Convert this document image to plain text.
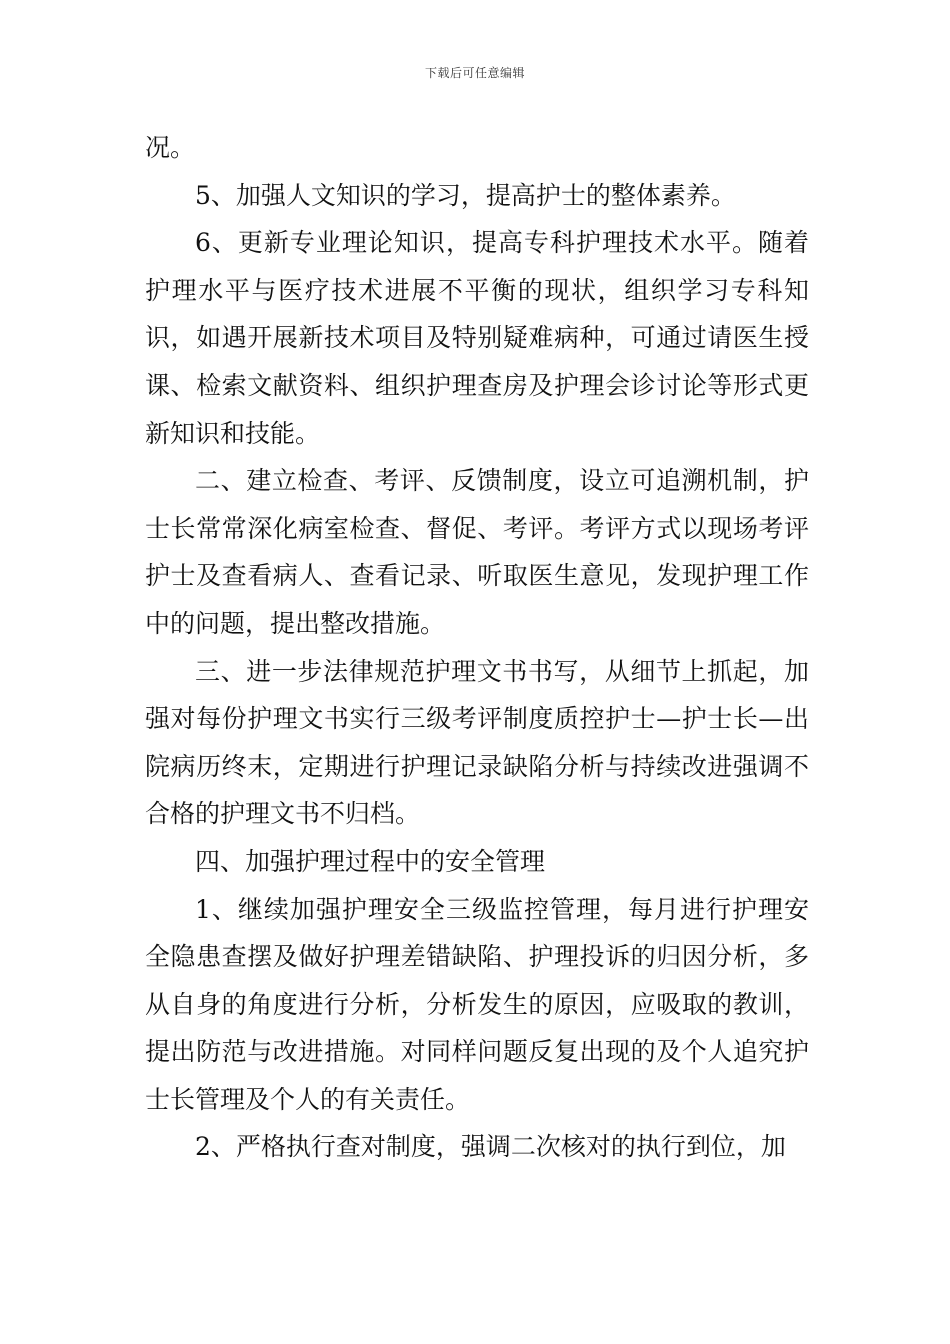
下载后可任意编辑

况。

5、加强人文知识的学习，提高护士的整体素养。

6、更新专业理论知识，提高专科护理技术水平。随着护理水平与医疗技术进展不平衡的现状，组织学习专科知识，如遇开展新技术项目及特别疑难病种，可通过请医生授课、检索文献资料、组织护理查房及护理会诊讨论等形式更新知识和技能。

二、建立检查、考评、反馈制度，设立可追溯机制，护士长常常深化病室检查、督促、考评。考评方式以现场考评护士及查看病人、查看记录、听取医生意见，发现护理工作中的问题，提出整改措施。

三、进一步法律规范护理文书书写，从细节上抓起，加强对每份护理文书实行三级考评制度质控护士—护士长—出院病历终末，定期进行护理记录缺陷分析与持续改进强调不合格的护理文书不归档。

四、加强护理过程中的安全管理

1、继续加强护理安全三级监控管理，每月进行护理安全隐患查摆及做好护理差错缺陷、护理投诉的归因分析，多从自身的角度进行分析，分析发生的原因，应吸取的教训，提出防范与改进措施。对同样问题反复出现的及个人追究护士长管理及个人的有关责任。

2、严格执行查对制度，强调二次核对的执行到位，加
